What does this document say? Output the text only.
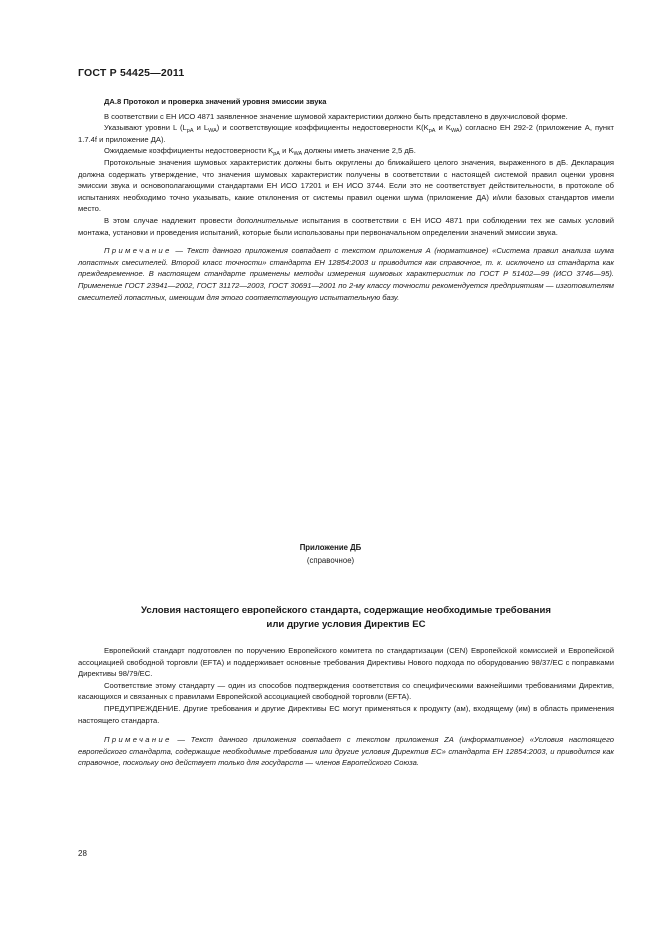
ГОСТ Р 54425—2011

ДА.8 Протокол и проверка значений уровня эмиссии звука

В соответствии с ЕН ИСО 4871 заявленное значение шумовой характеристики должно быть представлено в двухчисловой форме.

Указывают уровни L ($L_{pA}$ и $L_{WA}$) и соответствующие коэффициенты недостоверности $K(K_{pA}$ и $K_{WA}$) согласно ЕН 292-2 (приложение А, пункт 1.7.4f и приложение ДА).

Ожидаемые коэффициенты недостоверности $K_{pA}$ и $K_{WA}$ должны иметь значение 2,5 дБ.

Протокольные значения шумовых характеристик должны быть округлены до ближайшего целого значения, выраженного в дБ. Декларация должна содержать утверждение, что значения шумовых характеристик получены в соответствии с настоящей системой правил оценки уровня эмиссии звука и основополагающими стандартами ЕН ИСО 17201 и ЕН ИСО 3744. Если это не соответствует действительности, в протоколе об испытаниях необходимо точно указывать, какие отклонения от системы правил оценки шума (приложение ДА) и/или базовых стандартов имели место.

В этом случае надлежит провести дополнительные испытания в соответствии с ЕН ИСО 4871 при соблюдении тех же самых условий монтажа, установки и проведения испытаний, которые были использованы при первоначальном определении значений эмиссии звука.

Примечание — Текст данного приложения совпадает с текстом приложения А (нормативное) «Система правил анализа шума лопастных смесителей. Второй класс точности» стандарта ЕН 12854:2003 и приводится как справочное, т. к. исключено из стандарта как преждевременное. В настоящем стандарте применены методы измерения шумовых характеристик по ГОСТ Р 51402—99 (ИСО 3746—95). Применение ГОСТ 23941—2002, ГОСТ 31172—2003, ГОСТ 30691—2001 по 2-му классу точности рекомендуется предприятиям — изготовителям смесителей лопастных, имеющим для этого соответствующую испытательную базу.

Приложение ДБ
(справочное)
Условия настоящего европейского стандарта, содержащие необходимые требования
или другие условия Директив ЕС

Европейский стандарт подготовлен по поручению Европейского комитета по стандартизации (CEN) Европейской комиссией и Европейской ассоциацией свободной торговли (EFTA) и поддерживает основные требования Директивы Нового подхода по оборудованию 98/37/ЕС с поправками Директивы 98/79/ЕС.

Соответствие этому стандарту — один из способов подтверждения соответствия со специфическими важнейшими требованиями Директив, касающихся и связанных с правилами Европейской ассоциацией свободной торговли (EFTA).

ПРЕДУПРЕЖДЕНИЕ. Другие требования и другие Директивы ЕС могут применяться к продукту (ам), входящему (им) в область применения настоящего стандарта.

Примечание — Текст данного приложения совпадает с текстом приложения ZA (информативное) «Условия настоящего европейского стандарта, содержащие необходимые требования или другие условия Директив ЕС» стандарта ЕН 12854:2003, и приводится как справочное, поскольку оно действует только для государств — членов Европейского Союза.

28
